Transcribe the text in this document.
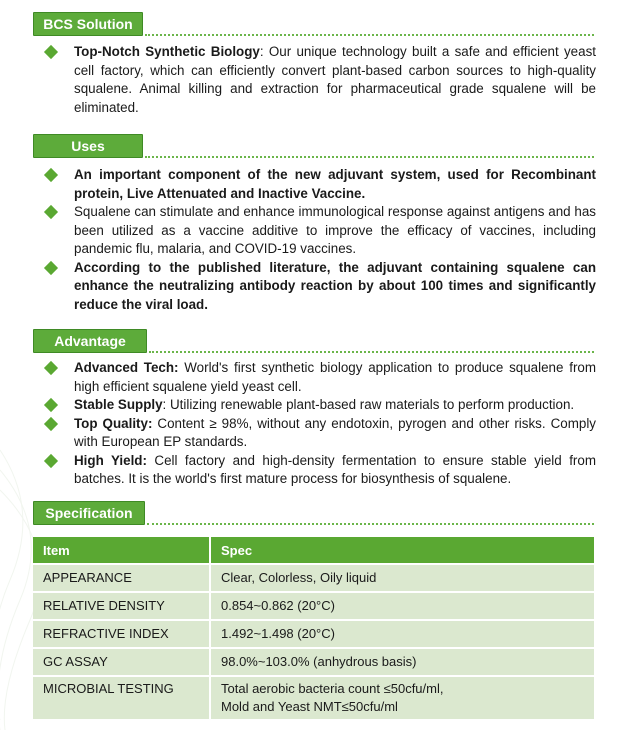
BCS Solution
Top-Notch Synthetic Biology: Our unique technology built a safe and efficient yeast cell factory, which can efficiently convert plant-based carbon sources to high-quality squalene. Animal killing and extraction for pharmaceutical grade squalene will be eliminated.
Uses
An important component of the new adjuvant system, used for Recombinant protein, Live Attenuated and Inactive Vaccine.
Squalene can stimulate and enhance immunological response against antigens and has been utilized as a vaccine additive to improve the efficacy of vaccines, including pandemic flu, malaria, and COVID-19 vaccines.
According to the published literature, the adjuvant containing squalene can enhance the neutralizing antibody reaction by about 100 times and significantly reduce the viral load.
Advantage
Advanced Tech: World's first synthetic biology application to produce squalene from high efficient squalene yield yeast cell.
Stable Supply: Utilizing renewable plant-based raw materials to perform production.
Top Quality: Content ≥ 98%, without any endotoxin, pyrogen and other risks. Comply with European EP standards.
High Yield: Cell factory and high-density fermentation to ensure stable yield from batches. It is the world's first mature process for biosynthesis of squalene.
Specification
Item	Spec
APPEARANCE	Clear, Colorless, Oily liquid
RELATIVE DENSITY	0.854~0.862 (20°C)
REFRACTIVE INDEX	1.492~1.498 (20°C)
GC ASSAY	98.0%~103.0% (anhydrous basis)
MICROBIAL TESTING	Total aerobic bacteria count ≤50cfu/ml,
Mold and Yeast NMT≤50cfu/ml
